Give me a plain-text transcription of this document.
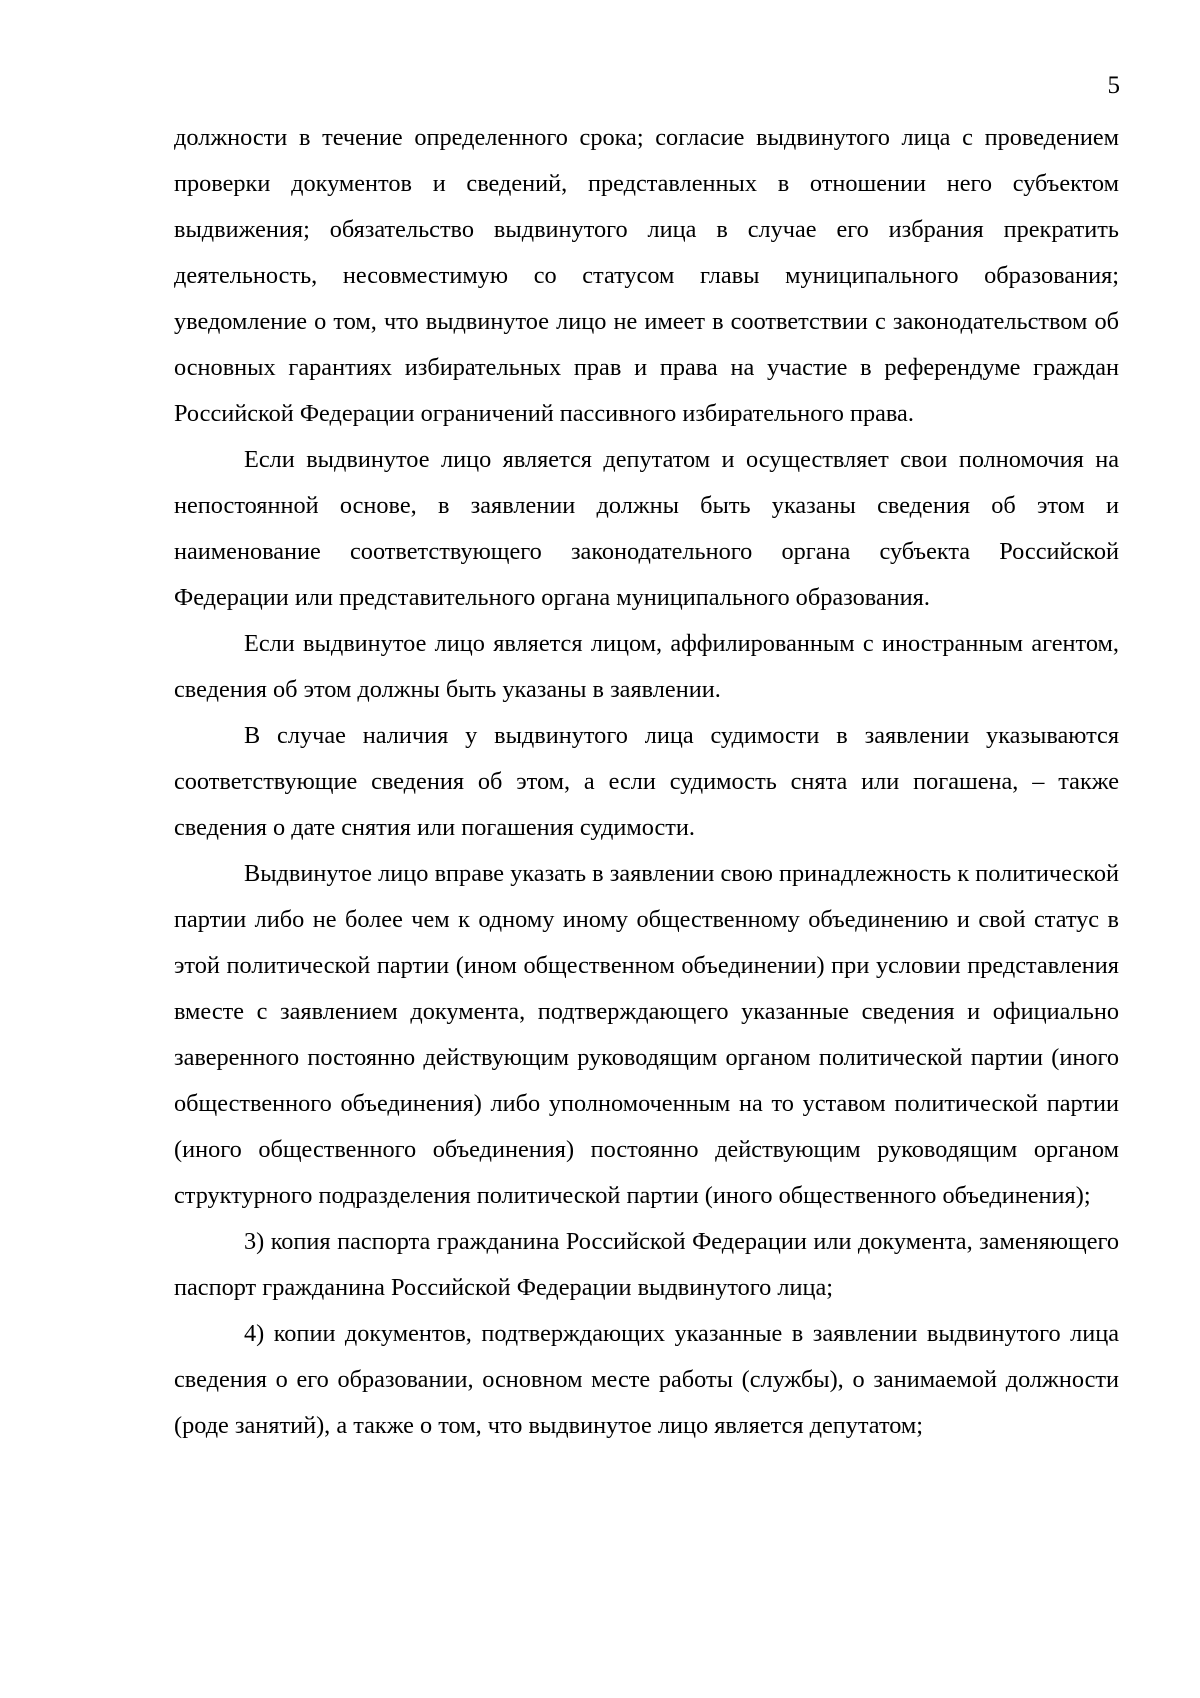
5

должности в течение определенного срока; согласие выдвинутого лица с проведением проверки документов и сведений, представленных в отношении него субъектом выдвижения; обязательство выдвинутого лица в случае его избрания прекратить деятельность, несовместимую со статусом главы муниципального образования; уведомление о том, что выдвинутое лицо не имеет в соответствии с законодательством об основных гарантиях избирательных прав и права на участие в референдуме граждан Российской Федерации ограничений пассивного избирательного права.

Если выдвинутое лицо является депутатом и осуществляет свои полномочия на непостоянной основе, в заявлении должны быть указаны сведения об этом и наименование соответствующего законодательного органа субъекта Российской Федерации или представительного органа муниципального образования.

Если выдвинутое лицо является лицом, аффилированным с иностранным агентом, сведения об этом должны быть указаны в заявлении.

В случае наличия у выдвинутого лица судимости в заявлении указываются соответствующие сведения об этом, а если судимость снята или погашена, – также сведения о дате снятия или погашения судимости.

Выдвинутое лицо вправе указать в заявлении свою принадлежность к политической партии либо не более чем к одному иному общественному объединению и свой статус в этой политической партии (ином общественном объединении) при условии представления вместе с заявлением документа, подтверждающего указанные сведения и официально заверенного постоянно действующим руководящим органом политической партии (иного общественного объединения) либо уполномоченным на то уставом политической партии (иного общественного объединения) постоянно действующим руководящим органом структурного подразделения политической партии (иного общественного объединения);

3) копия паспорта гражданина Российской Федерации или документа, заменяющего паспорт гражданина Российской Федерации выдвинутого лица;

4) копии документов, подтверждающих указанные в заявлении выдвинутого лица сведения о его образовании, основном месте работы (службы), о занимаемой должности (роде занятий), а также о том, что выдвинутое лицо является депутатом;
